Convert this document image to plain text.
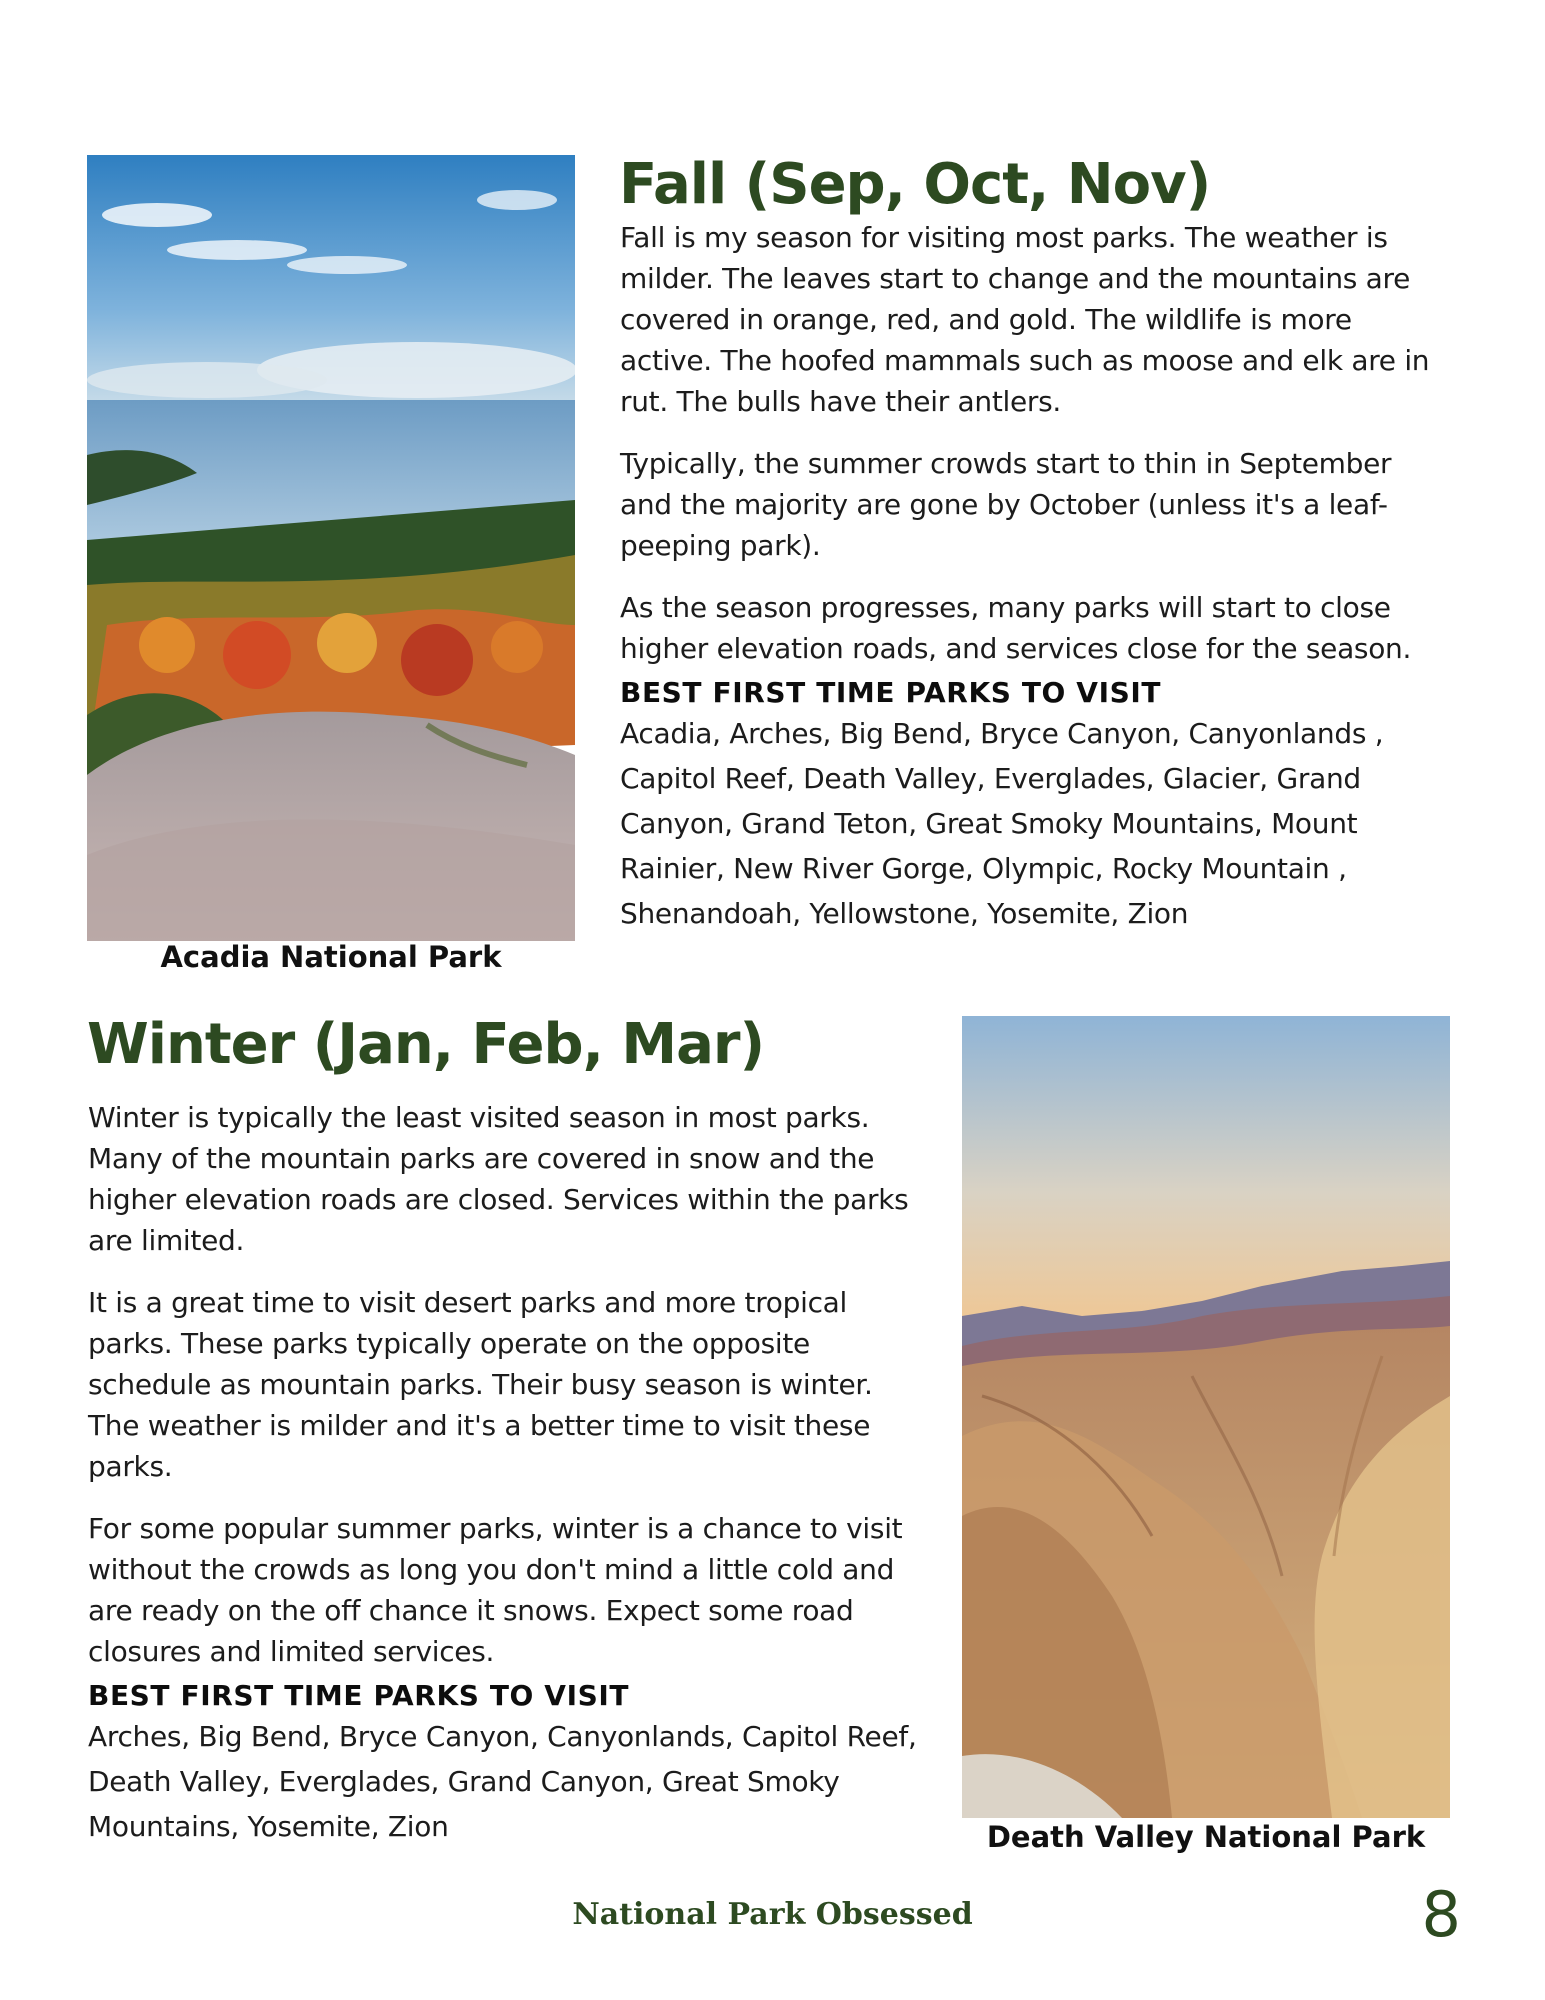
Acadia National Park
Fall (Sep, Oct, Nov)

Fall is my season for visiting most parks. The weather is milder. The leaves start to change and the mountains are covered in orange, red, and gold. The wildlife is more active. The hoofed mammals such as moose and elk are in rut. The bulls have their antlers.

Typically, the summer crowds start to thin in September and the majority are gone by October (unless it's a leaf-peeping park).

As the season progresses, many parks will start to close higher elevation roads, and services close for the season.

BEST FIRST TIME PARKS TO VISIT

Acadia, Arches, Big Bend, Bryce Canyon, Canyonlands , Capitol Reef, Death Valley, Everglades, Glacier, Grand Canyon, Grand Teton, Great Smoky Mountains, Mount Rainier, New River Gorge, Olympic, Rocky Mountain , Shenandoah, Yellowstone, Yosemite, Zion

Winter (Jan, Feb, Mar)

Winter is typically the least visited season in most parks. Many of the mountain parks are covered in snow and the higher elevation roads are closed. Services within the parks are limited.

It is a great time to visit desert parks and more tropical parks. These parks typically operate on the opposite schedule as mountain parks. Their busy season is winter. The weather is milder and it's a better time to visit these parks.

For some popular summer parks, winter is a chance to visit without the crowds as long you don't mind a little cold and are ready on the off chance it snows. Expect some road closures and limited services.

BEST FIRST TIME PARKS TO VISIT

Arches, Big Bend, Bryce Canyon, Canyonlands, Capitol Reef, Death Valley, Everglades, Grand Canyon, Great Smoky Mountains, Yosemite, Zion	Death Valley National Park
National Park Obsessed	8
